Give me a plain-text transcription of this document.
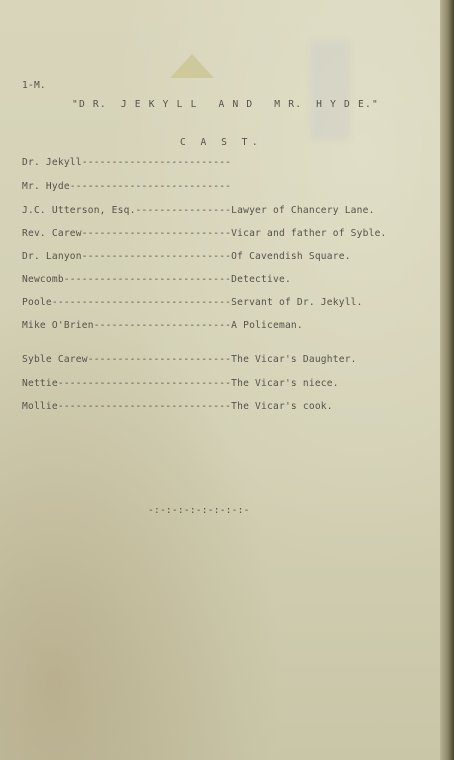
1-M.
"D R.  J E K Y L L   A N D   M R.  H Y D E."
C A S T.
Dr. Jekyll-------------------------
Mr. Hyde---------------------------
J.C. Utterson, Esq.----------------Lawyer of Chancery Lane.
Rev. Carew-------------------------Vicar and father of Syble.
Dr. Lanyon-------------------------Of Cavendish Square.
Newcomb----------------------------Detective.
Poole------------------------------Servant of Dr. Jekyll.
Mike O'Brien-----------------------A Policeman.
Syble Carew------------------------The Vicar's Daughter.
Nettie-----------------------------The Vicar's niece.
Mollie-----------------------------The Vicar's cook.
-:-:-:-:-:-:-:-:-
